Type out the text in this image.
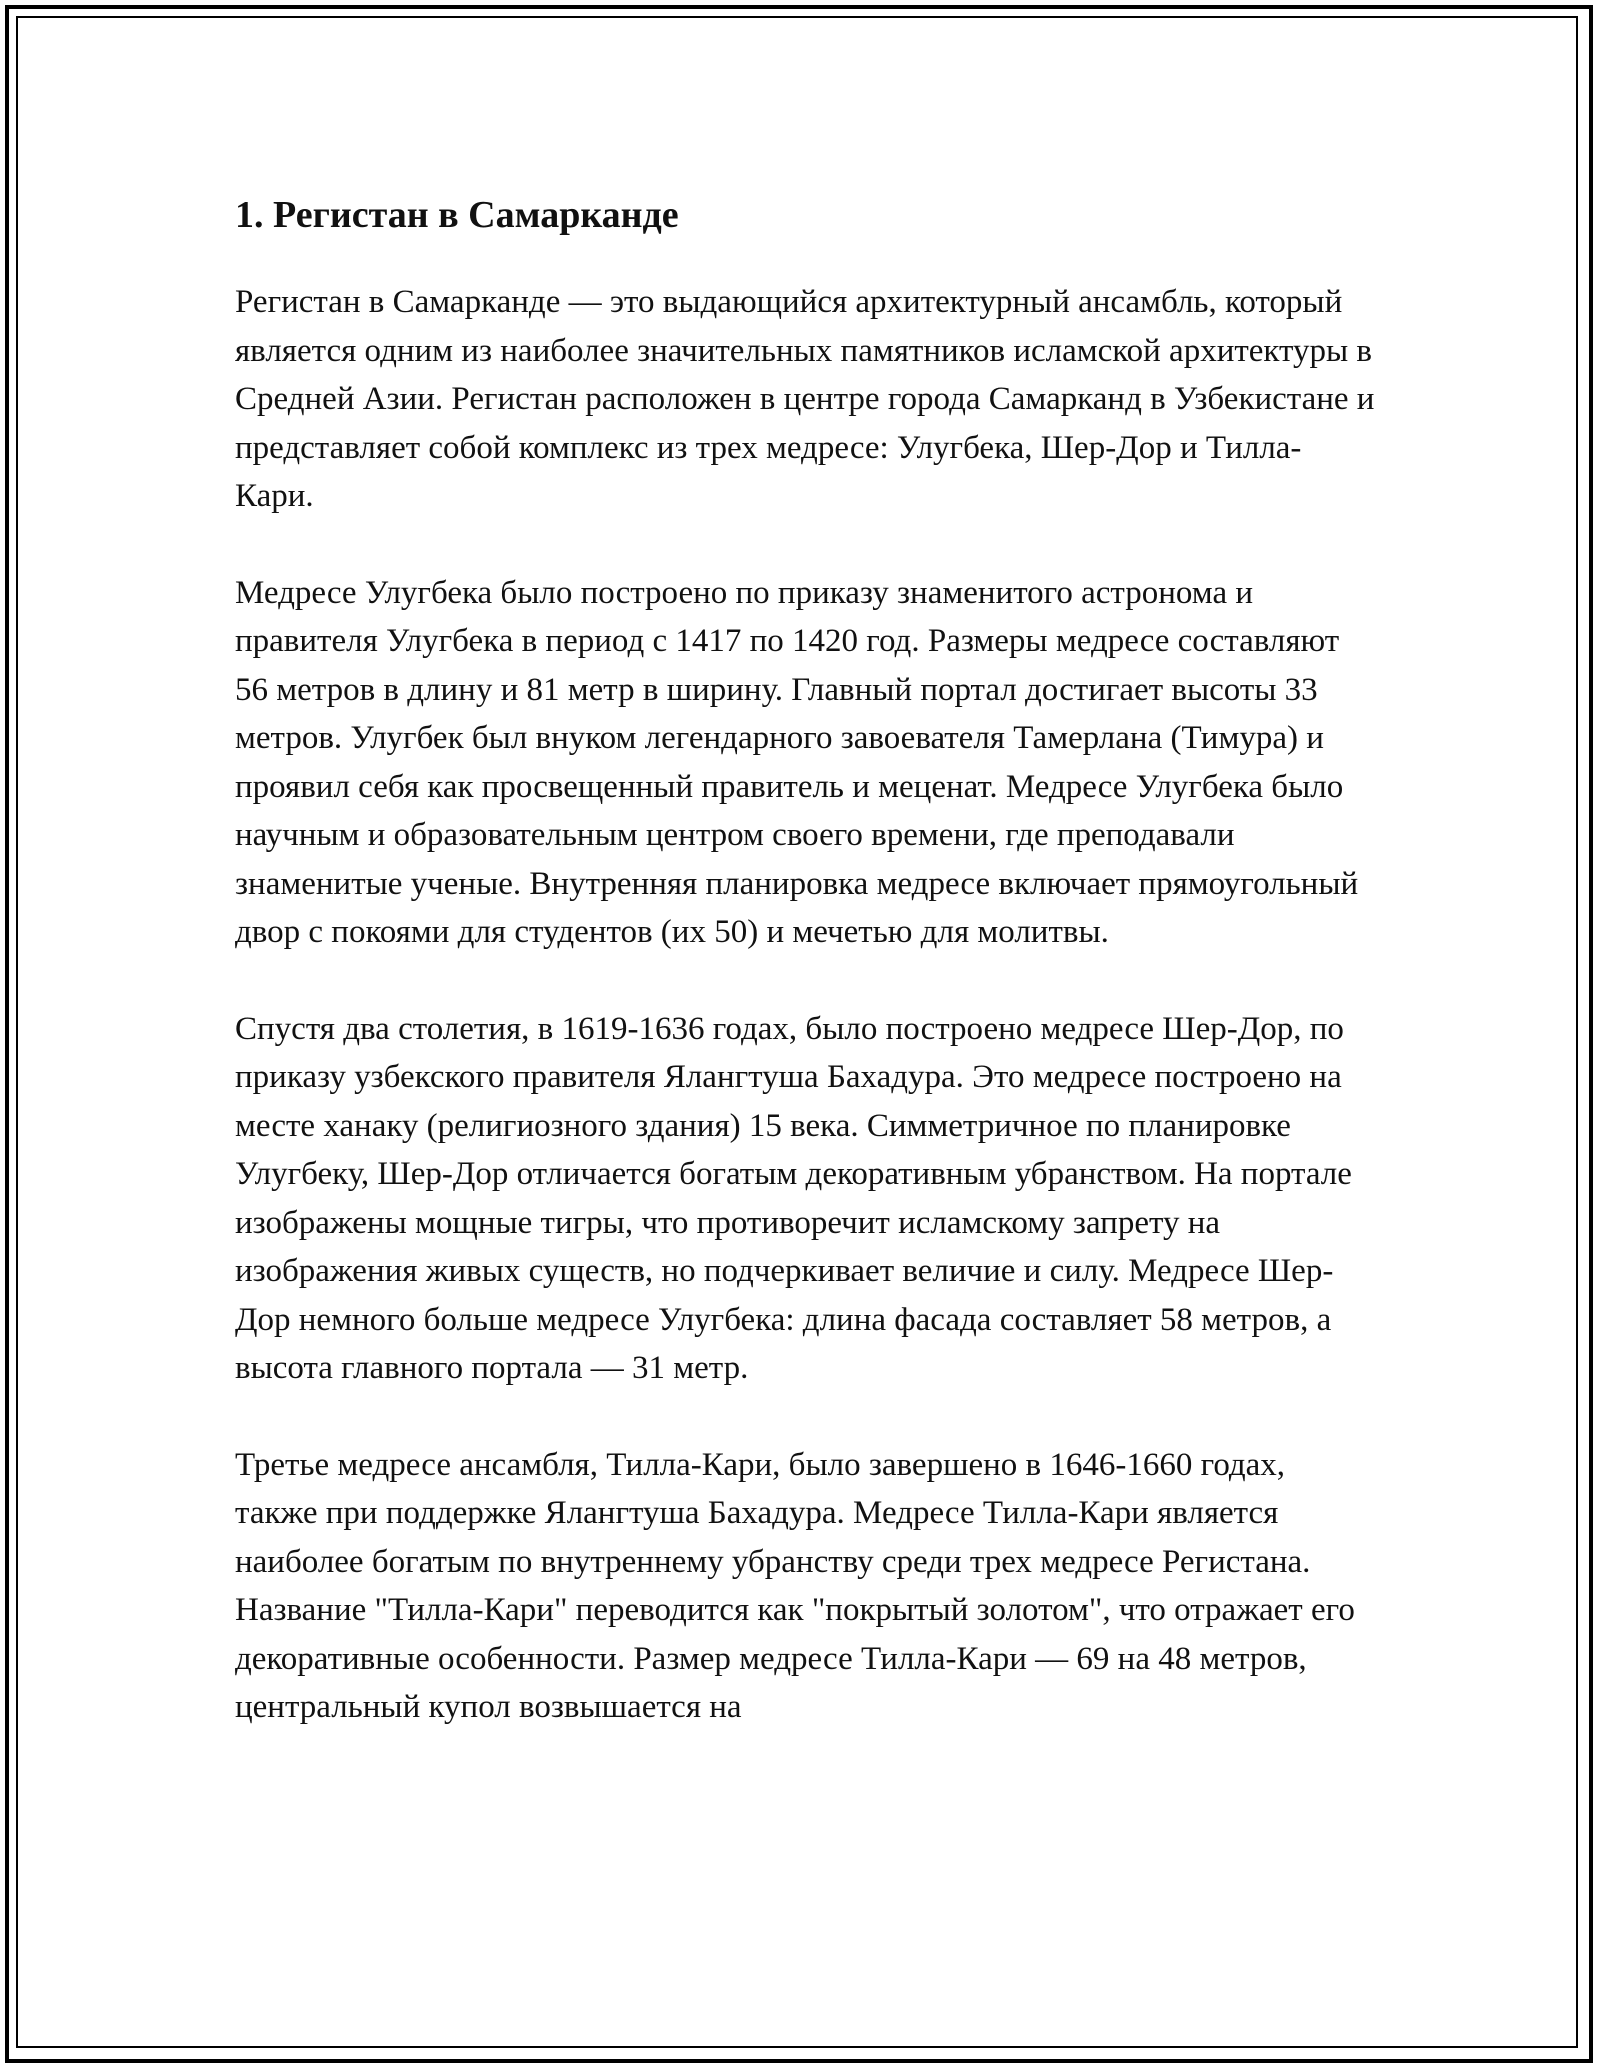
1. Регистан в Самарканде

Регистан в Самарканде — это выдающийся архитектурный ансамбль, который является одним из наиболее значительных памятников исламской архитектуры в Средней Азии. Регистан расположен в центре города Самарканд в Узбекистане и представляет собой комплекс из трех медресе: Улугбека, Шер-Дор и Тилла-Кари.

Медресе Улугбека было построено по приказу знаменитого астронома и правителя Улугбека в период с 1417 по 1420 год. Размеры медресе составляют 56 метров в длину и 81 метр в ширину. Главный портал достигает высоты 33 метров. Улугбек был внуком легендарного завоевателя Тамерлана (Тимура) и проявил себя как просвещенный правитель и меценат. Медресе Улугбека было научным и образовательным центром своего времени, где преподавали знаменитые ученые. Внутренняя планировка медресе включает прямоугольный двор с покоями для студентов (их 50) и мечетью для молитвы.

Спустя два столетия, в 1619-1636 годах, было построено медресе Шер-Дор, по приказу узбекского правителя Ялангтуша Бахадура. Это медресе построено на месте ханаку (религиозного здания) 15 века. Симметричное по планировке Улугбеку, Шер-Дор отличается богатым декоративным убранством. На портале изображены мощные тигры, что противоречит исламскому запрету на изображения живых существ, но подчеркивает величие и силу. Медресе Шер-Дор немного больше медресе Улугбека: длина фасада составляет 58 метров, а высота главного портала — 31 метр.

Третье медресе ансамбля, Тилла-Кари, было завершено в 1646-1660 годах, также при поддержке Ялангтуша Бахадура. Медресе Тилла-Кари является наиболее богатым по внутреннему убранству среди трех медресе Регистана. Название "Тилла-Кари" переводится как "покрытый золотом", что отражает его декоративные особенности. Размер медресе Тилла-Кари — 69 на 48 метров, центральный купол возвышается на
